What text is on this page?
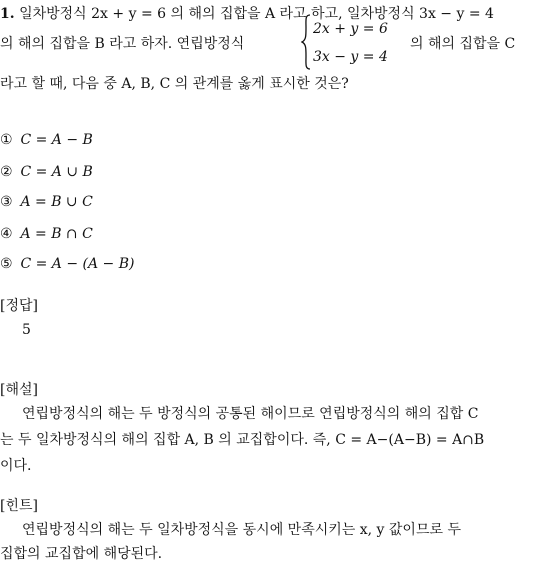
1. 일차방정식 2x + y = 6 의 해의 집합을 A 라고 하고, 일차방정식 3x − y = 4
의 해의 집합을 B 라고 하자. 연립방정식
2x + y = 6
3x − y = 4
의 해의 집합을 C
라고 할 때, 다음 중 A, B, C 의 관계를 옳게 표시한 것은?
① C = A − B
② C = A ∪ B
③ A = B ∪ C
④ A = B ∩ C
⑤ C = A − (A − B)
[정답]
5
[해설]
연립방정식의 해는 두 방정식의 공통된 해이므로 연립방정식의 해의 집합 C
는 두 일차방정식의 해의 집합 A, B 의 교집합이다. 즉, C = A−(A−B) = A∩B
이다.
[힌트]
연립방정식의 해는 두 일차방정식을 동시에 만족시키는 x, y 값이므로 두
집합의 교집합에 해당된다.
